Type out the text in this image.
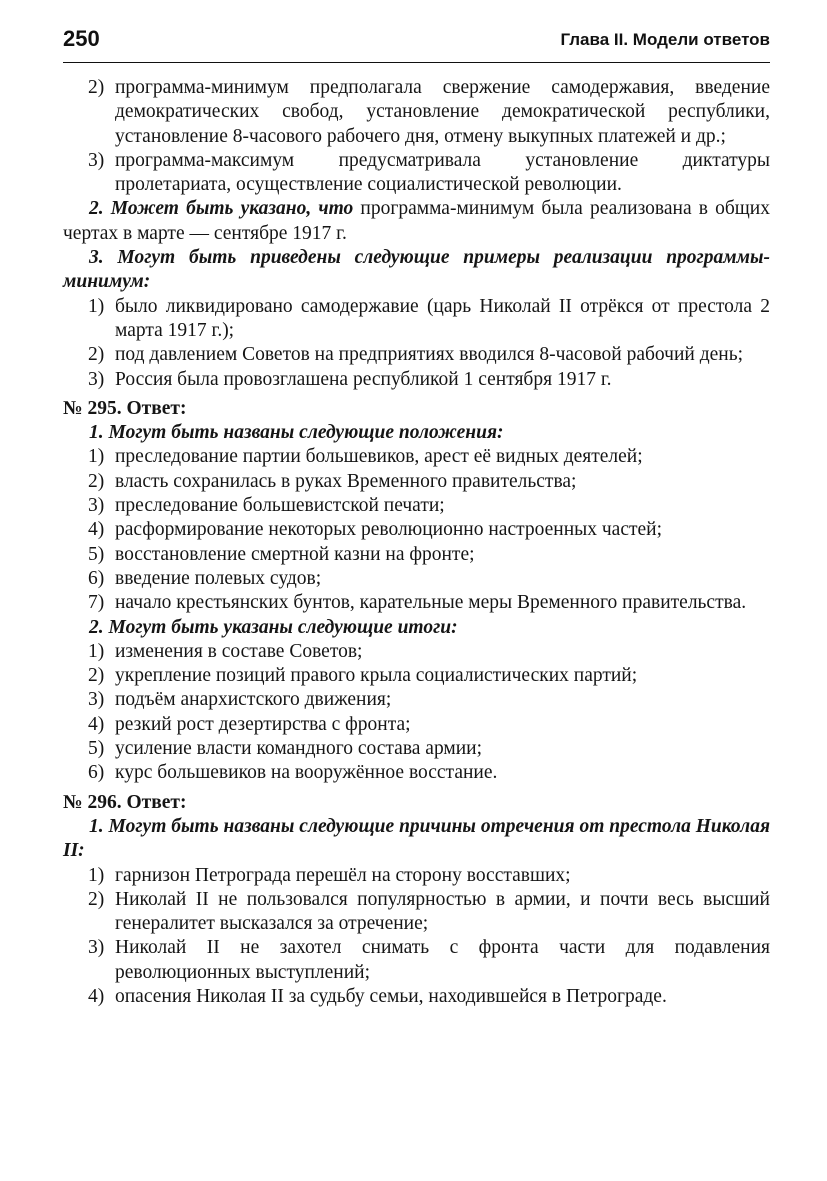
250	Глава II. Модели ответов
2) программа-минимум предполагала свержение самодержавия, введение демократических свобод, установление демократической республики, установление 8-часового рабочего дня, отмену выкупных платежей и др.;
3) программа-максимум предусматривала установление диктатуры пролетариата, осуществление социалистической революции.

2. Может быть указано, что программа-минимум была реализована в общих чертах в марте — сентябре 1917 г.

3. Могут быть приведены следующие примеры реализации программы-минимум:

1) было ликвидировано самодержавие (царь Николай II отрёкся от престола 2 марта 1917 г.);
2) под давлением Советов на предприятиях вводился 8-часовой рабочий день;
3) Россия была провозглашена республикой 1 сентября 1917 г.
№ 295. Ответ:
1. Могут быть названы следующие положения:
1) преследование партии большевиков, арест её видных деятелей;
2) власть сохранилась в руках Временного правительства;
3) преследование большевистской печати;
4) расформирование некоторых революционно настроенных частей;
5) восстановление смертной казни на фронте;
6) введение полевых судов;
7) начало крестьянских бунтов, карательные меры Временного правительства.
2. Могут быть указаны следующие итоги:
1) изменения в составе Советов;
2) укрепление позиций правого крыла социалистических партий;
3) подъём анархистского движения;
4) резкий рост дезертирства с фронта;
5) усиление власти командного состава армии;
6) курс большевиков на вооружённое восстание.
№ 296. Ответ:
1. Могут быть названы следующие причины отречения от престола Николая II:
1) гарнизон Петрограда перешёл на сторону восставших;
2) Николай II не пользовался популярностью в армии, и почти весь высший генералитет высказался за отречение;
3) Николай II не захотел снимать с фронта части для подавления революционных выступлений;
4) опасения Николая II за судьбу семьи, находившейся в Петрограде.
